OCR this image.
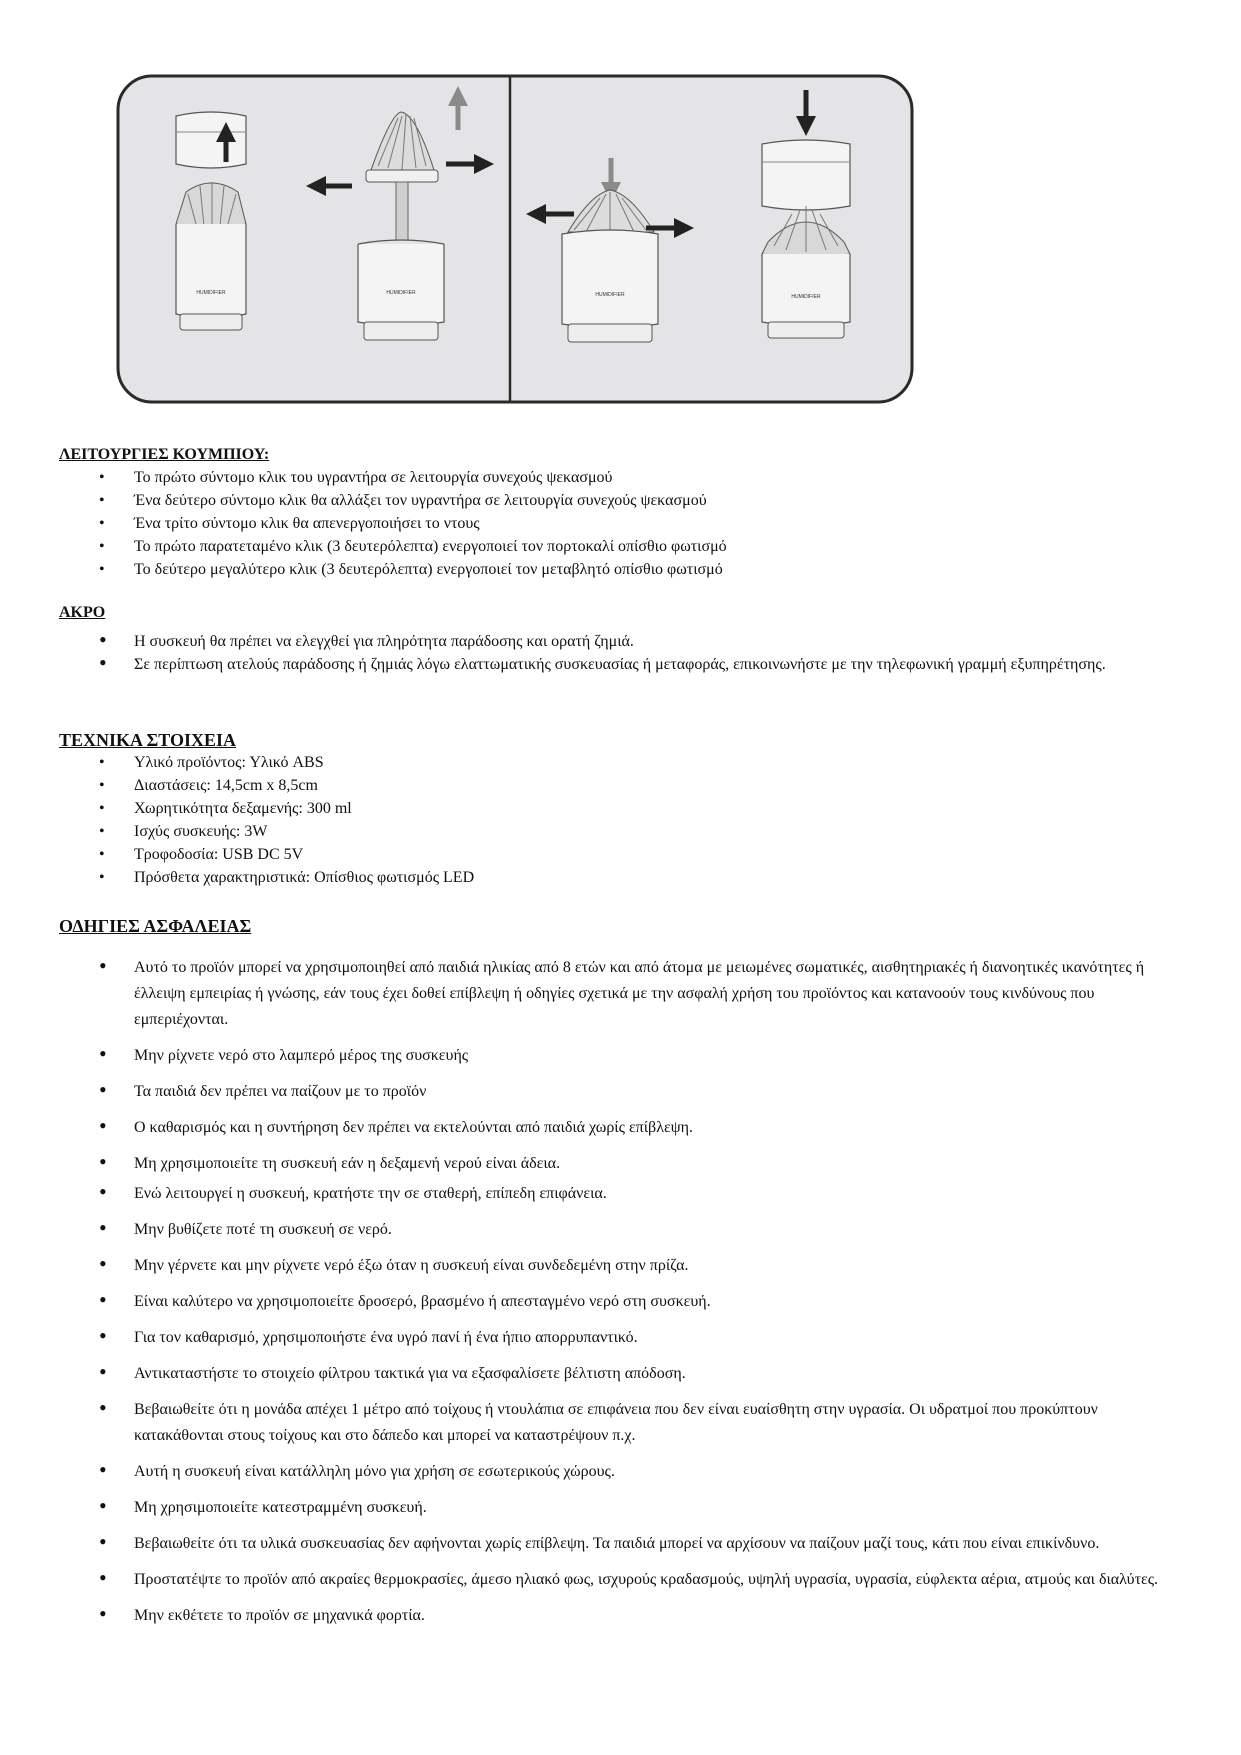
HUMIDIFIER	HUMIDIFIER	HUMIDIFIER	HUMIDIFIER
ΛΕΙΤΟΥΡΓΙΕΣ ΚΟΥΜΠΙΟΥ:
• Το πρώτο σύντομο κλικ του υγραντήρα σε λειτουργία συνεχούς ψεκασμού
• Ένα δεύτερο σύντομο κλικ θα αλλάξει τον υγραντήρα σε λειτουργία συνεχούς ψεκασμού
• Ένα τρίτο σύντομο κλικ θα απενεργοποιήσει το ντους
• Το πρώτο παρατεταμένο κλικ (3 δευτερόλεπτα) ενεργοποιεί τον πορτοκαλί οπίσθιο φωτισμό
• Το δεύτερο μεγαλύτερο κλικ (3 δευτερόλεπτα) ενεργοποιεί τον μεταβλητό οπίσθιο φωτισμό
ΑΚΡΟ
• Η συσκευή θα πρέπει να ελεγχθεί για πληρότητα παράδοσης και ορατή ζημιά.
• Σε περίπτωση ατελούς παράδοσης ή ζημιάς λόγω ελαττωματικής συσκευασίας ή μεταφοράς, επικοινωνήστε με την τηλεφωνική γραμμή εξυπηρέτησης.
ΤΕΧΝΙΚΑ ΣΤΟΙΧΕΙΑ
• Υλικό προϊόντος: Υλικό ABS
• Διαστάσεις: 14,5cm x 8,5cm
• Χωρητικότητα δεξαμενής: 300 ml
• Ισχύς συσκευής: 3W
• Τροφοδοσία: USB DC 5V
• Πρόσθετα χαρακτηριστικά: Οπίσθιος φωτισμός LED
ΟΔΗΓΙΕΣ ΑΣΦΑΛΕΙΑΣ
• Αυτό το προϊόν μπορεί να χρησιμοποιηθεί από παιδιά ηλικίας από 8 ετών και από άτομα με μειωμένες σωματικές, αισθητηριακές ή διανοητικές ικανότητες ή έλλειψη εμπειρίας ή γνώσης, εάν τους έχει δοθεί επίβλεψη ή οδηγίες σχετικά με την ασφαλή χρήση του προϊόντος και κατανοούν τους κινδύνους που εμπεριέχονται.
• Μην ρίχνετε νερό στο λαμπερό μέρος της συσκευής
• Τα παιδιά δεν πρέπει να παίζουν με το προϊόν
• Ο καθαρισμός και η συντήρηση δεν πρέπει να εκτελούνται από παιδιά χωρίς επίβλεψη.
• Μη χρησιμοποιείτε τη συσκευή εάν η δεξαμενή νερού είναι άδεια.
• Ενώ λειτουργεί η συσκευή, κρατήστε την σε σταθερή, επίπεδη επιφάνεια.
• Μην βυθίζετε ποτέ τη συσκευή σε νερό.
• Μην γέρνετε και μην ρίχνετε νερό έξω όταν η συσκευή είναι συνδεδεμένη στην πρίζα.
• Είναι καλύτερο να χρησιμοποιείτε δροσερό, βρασμένο ή απεσταγμένο νερό στη συσκευή.
• Για τον καθαρισμό, χρησιμοποιήστε ένα υγρό πανί ή ένα ήπιο απορρυπαντικό.
• Αντικαταστήστε το στοιχείο φίλτρου τακτικά για να εξασφαλίσετε βέλτιστη απόδοση.
• Βεβαιωθείτε ότι η μονάδα απέχει 1 μέτρο από τοίχους ή ντουλάπια σε επιφάνεια που δεν είναι ευαίσθητη στην υγρασία. Οι υδρατμοί που προκύπτουν κατακάθονται στους τοίχους και στο δάπεδο και μπορεί να καταστρέψουν π.χ.
• Αυτή η συσκευή είναι κατάλληλη μόνο για χρήση σε εσωτερικούς χώρους.
• Μη χρησιμοποιείτε κατεστραμμένη συσκευή.
• Βεβαιωθείτε ότι τα υλικά συσκευασίας δεν αφήνονται χωρίς επίβλεψη. Τα παιδιά μπορεί να αρχίσουν να παίζουν μαζί τους, κάτι που είναι επικίνδυνο.
• Προστατέψτε το προϊόν από ακραίες θερμοκρασίες, άμεσο ηλιακό φως, ισχυρούς κραδασμούς, υψηλή υγρασία, υγρασία, εύφλεκτα αέρια, ατμούς και διαλύτες.
• Μην εκθέτετε το προϊόν σε μηχανικά φορτία.
